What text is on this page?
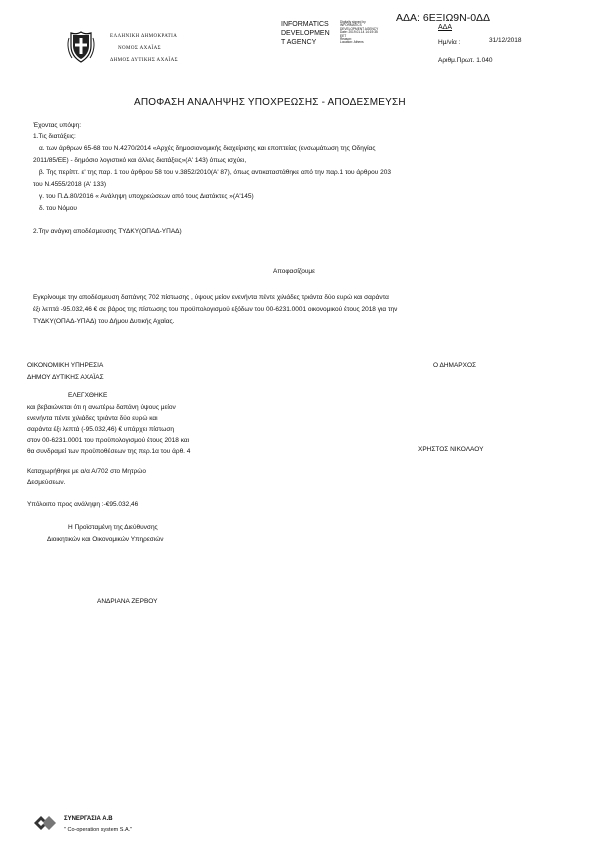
ΕΛΛΗΝΙΚΗ ΔΗΜΟΚΡΑΤΙΑ
ΝΟΜΟΣ ΑΧΑΪΑΣ
ΔΗΜΟΣ ΔΥΤΙΚΗΣ ΑΧΑΪΑΣ
INFORMATICS
DEVELOPMEN
T AGENCY
Digitally signed by
INFORMATICS
DEVELOPMENT AGENCY
Date: 2019.01.14 14:19:35
EET
Reason:
Location: Athens
ΑΔΑ: 6ΕΞΙΩ9Ν-0ΔΔ
ΑΔΑ
Ημ/νία :	31/12/2018
Αριθμ.Πρωτ. 1.040
ΑΠΟΦΑΣΗ ΑΝΑΛΗΨΗΣ ΥΠΟΧΡΕΩΣΗΣ - ΑΠΟΔΕΣΜΕΥΣΗ
Έχοντας υπόψη:
1.Τις διατάξεις:
α. των άρθρων 65-68 του Ν.4270/2014 «Αρχές δημοσιονομικής διαχείρισης και εποπτείας (ενσωμάτωση της Οδηγίας
2011/85/ΕΕ) - δημόσιο λογιστικό και άλλες διατάξεις»(Α' 143) όπως ισχύει,
β. Της περίπτ. ε' της παρ. 1 του άρθρου 58 του ν.3852/2010(Α' 87), όπως αντικαταστάθηκε από την παρ.1 του άρθρου 203
του Ν.4555/2018 (Α' 133)
γ. του Π.Δ.80/2016 « Ανάληψη υποχρεώσεων από τους Διατάκτες »(Α'145)
δ. του Νόμου
2.Την ανάγκη αποδέσμευσης ΤΥΔΚΥ(ΟΠΑΔ-ΥΠΑΔ)
Αποφασίζουμε
Εγκρίνουμε την αποδέσμευση δαπάνης 702 πίστωσης , ύψους μείον ενενήντα πέντε χιλιάδες τριάντα δύο ευρώ και σαράντα
έξι λεπτά -95.032,46 € σε βάρος της πίστωσης του προϋπολογισμού εξόδων του 00-6231.0001 οικονομικού έτους 2018 για την
ΤΥΔΚΥ(ΟΠΑΔ-ΥΠΑΔ) του Δήμου Δυτικής Αχαϊας.
ΟΙΚΟΝΟΜΙΚΗ ΥΠΗΡΕΣΙΑ
ΔΗΜΟΥ ΔΥΤΙΚΗΣ ΑΧΑΪΑΣ
Ο ΔΗΜΑΡΧΟΣ
ΕΛΕΓΧΘΗΚΕ
και βεβαιώνεται ότι η ανωτέρω δαπάνη ύψους μείον
ενενήντα πέντε χιλιάδες τριάντα δύο ευρώ και
σαράντα έξι λεπτά (-95.032,46) € υπάρχει πίστωση
στον 00-6231.0001 του προϋπολογισμού έτους 2018 και
θα συνδραμεί των προϋποθέσεων της περ.1α του άρθ. 4	ΧΡΗΣΤΟΣ ΝΙΚΟΛΑΟΥ
Καταχωρήθηκε με α/α Α/702 στο Μητρώο
Δεσμεύσεων.
Υπόλοιπο προς ανάληψη :-€95.032,46
Η Προϊσταμένη της Διεύθυνσης
Διοικητικών και Οικονομικών Υπηρεσιών
ΑΝΔΡΙΑΝΑ ΖΕΡΒΟΥ
ΣΥΝΕΡΓΑΣΙΑ Α.Β
" Co-operation system S.A."
